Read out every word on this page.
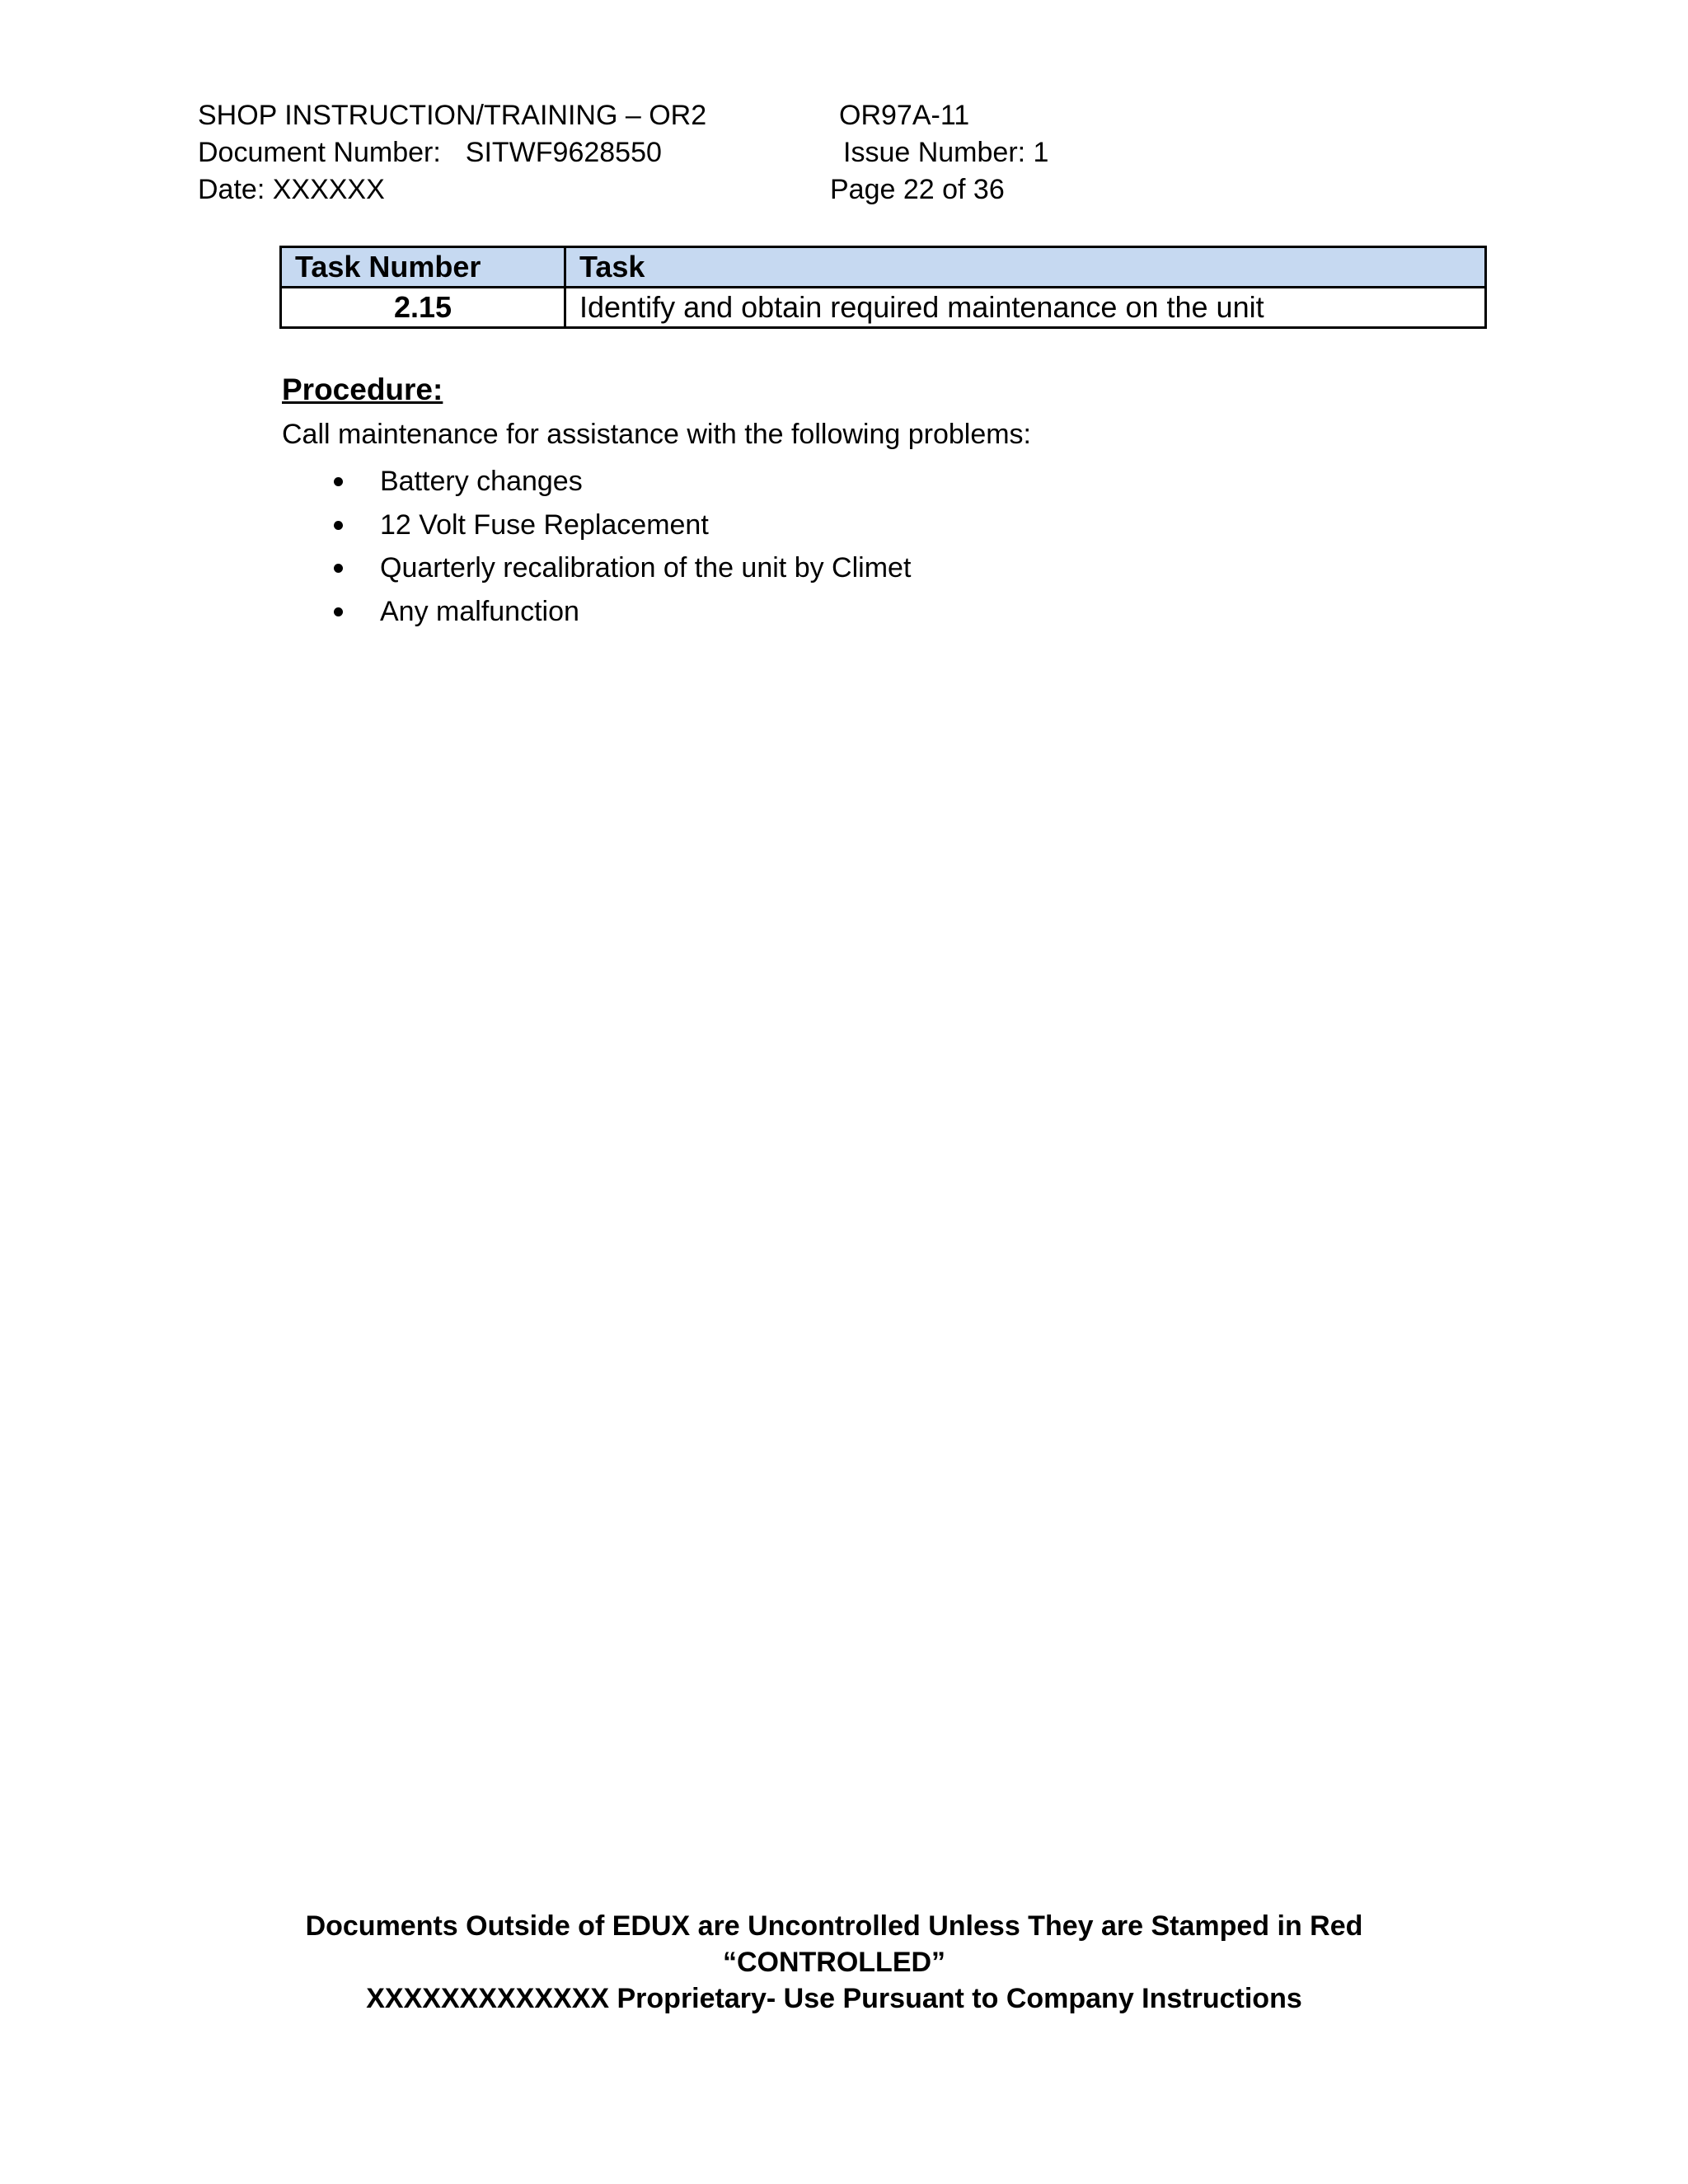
SHOP INSTRUCTION/TRAINING – OR2	OR97A-11
Document Number: SITWF9628550	Issue Number: 1
Date: XXXXXX	Page 22 of 36
Task Number	Task
2.15	Identify and obtain required maintenance on the unit
Procedure:
Call maintenance for assistance with the following problems:
Battery changes
12 Volt Fuse Replacement
Quarterly recalibration of the unit by Climet
Any malfunction
Documents Outside of EDUX are Uncontrolled Unless They are Stamped in Red
“CONTROLLED”
XXXXXXXXXXXXX Proprietary- Use Pursuant to Company Instructions
